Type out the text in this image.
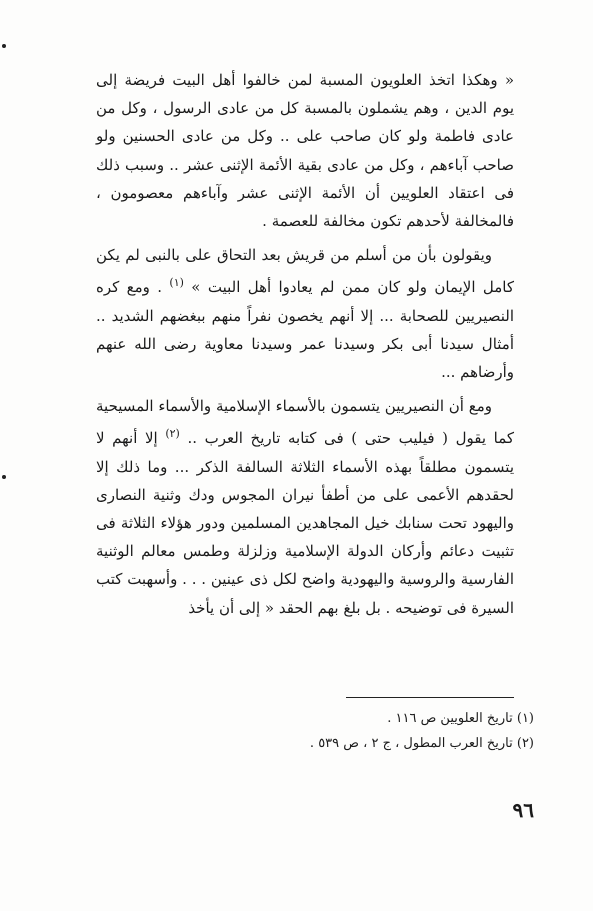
« وهكذا اتخذ العلويون المسبة لمن خالفوا أهل البيت فريضة إلى يوم الدين ، وهم يشملون بالمسبة كل من عادى الرسول ، وكل من عادى فاطمة ولو كان صاحب على .. وكل من عادى الحسنين ولو صاحب آباءهم ، وكل من عادى بقية الأئمة الإثنى عشر .. وسبب ذلك فى اعتقاد العلويين أن الأئمة الإثنى عشر وآباءهم معصومون ، فالمخالفة لأحدهم تكون مخالفة للعصمة .

ويقولون بأن من أسلم من قريش بعد التحاق على بالنبى لم يكن كامل الإيمان ولو كان ممن لم يعادوا أهل البيت » $^{(١)}$ . ومع كره النصيريين للصحابة ... إلا أنهم يخصون نفراً منهم ببغضهم الشديد .. أمثال سيدنا أبى بكر وسيدنا عمر وسيدنا معاوية رضى الله عنهم وأرضاهم ...

ومع أن النصيريين يتسمون بالأسماء الإسلامية والأسماء المسيحية كما يقول ( فيليب حتى ) فى كتابه تاريخ العرب .. $^{(٢)}$ إلا أنهم لا يتسمون مطلقاً بهذه الأسماء الثلاثة السالفة الذكر ... وما ذلك إلا لحقدهم الأعمى على من أطفأ نيران المجوس ودك وثنية النصارى واليهود تحت سنابك خيل المجاهدين المسلمين ودور هؤلاء الثلاثة فى تثبيت دعائم وأركان الدولة الإسلامية وزلزلة وطمس معالم الوثنية الفارسية والروسية واليهودية واضح لكل ذى عينين . . . وأسهبت كتب السيرة فى توضيحه . بل بلغ بهم الحقد « إلى أن يأخذ

(١) تاريخ العلويين ص ١١٦ .

(٢) تاريخ العرب المطول ، ج ٢ ، ص ٥٣٩ .

٩٦
